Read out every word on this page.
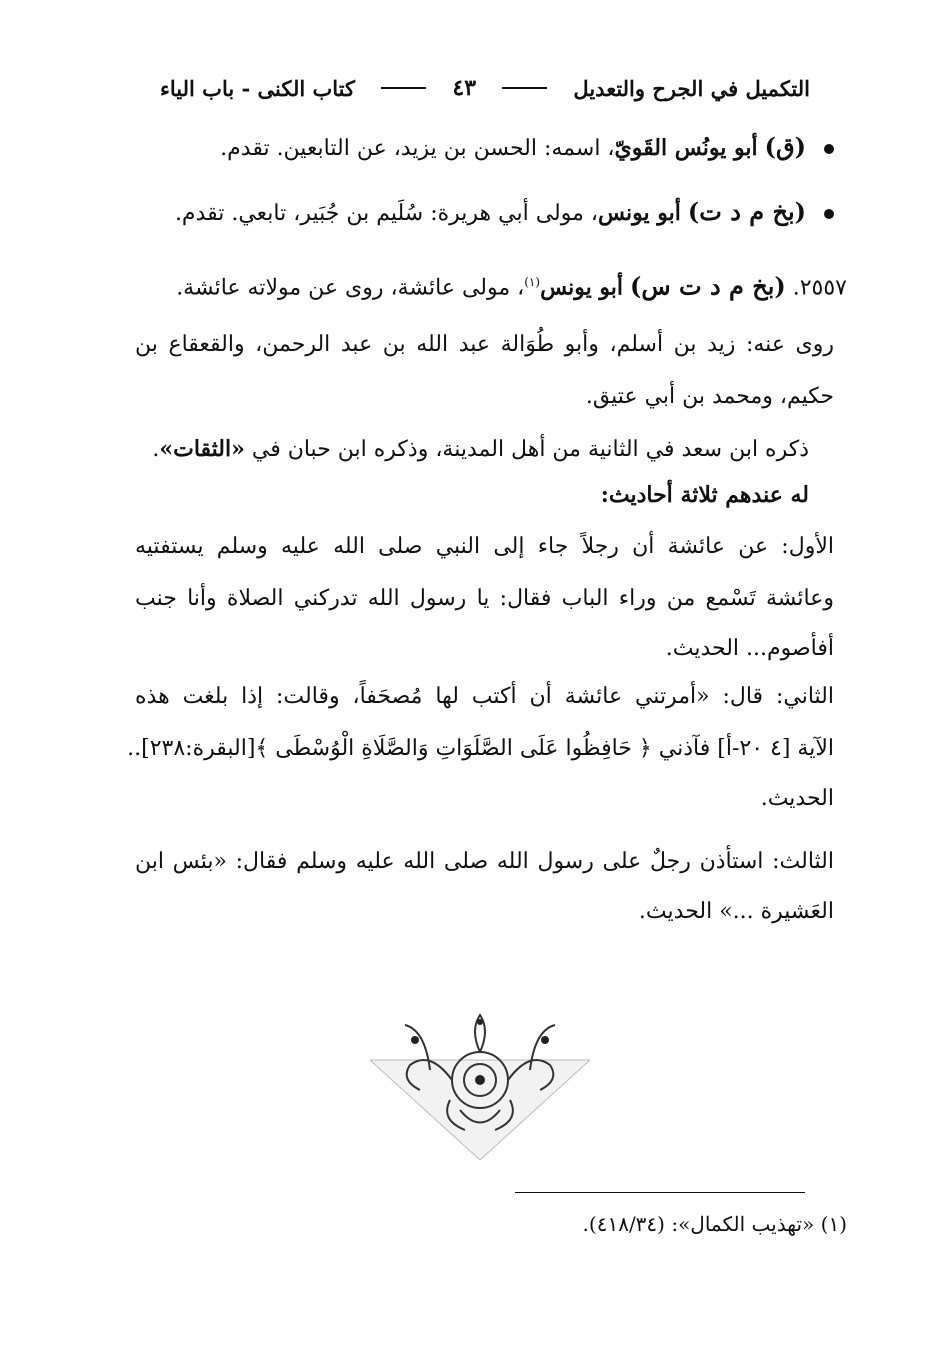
التكميل في الجرح والتعديل
٤٣
كتاب الكنى - باب الياء
(ق) أبو يونُس القَويّ، اسمه: الحسن بن يزيد، عن التابعين. تقدم.
(بخ م د ت) أبو يونس، مولى أبي هريرة: سُلَيم بن جُبَير، تابعي. تقدم.
٢٥٥٧. (بخ م د ت س) أبو يونس$^{(١)}$، مولى عائشة، روى عن مولاته عائشة.
روى عنه: زيد بن أسلم، وأبو طُوَالة عبد الله بن عبد الرحمن، والقعقاع بن
حكيم، ومحمد بن أبي عتيق.
ذكره ابن سعد في الثانية من أهل المدينة، وذكره ابن حبان في «الثقات».
له عندهم ثلاثة أحاديث:
الأول: عن عائشة أن رجلاً جاء إلى النبي صلى الله عليه وسلم يستفتيه
وعائشة تَسْمع من وراء الباب فقال: يا رسول الله تدركني الصلاة وأنا جنب
أفأصوم... الحديث.
الثاني: قال: «أمرتني عائشة أن أكتب لها مُصحَفاً، وقالت: إذا بلغت هذه
الآية [٤ ٢٠-أ] فآذني ﴿ حَافِظُوا عَلَى الصَّلَوَاتِ وَالصَّلَاةِ الْوُسْطَى ﴾[البقرة:٢٣٨]..
الحديث.
الثالث: استأذن رجلٌ على رسول الله صلى الله عليه وسلم فقال: «بئس ابن
العَشيرة ...» الحديث.
(١) «تهذيب الكمال»: (٤١٨/٣٤).
